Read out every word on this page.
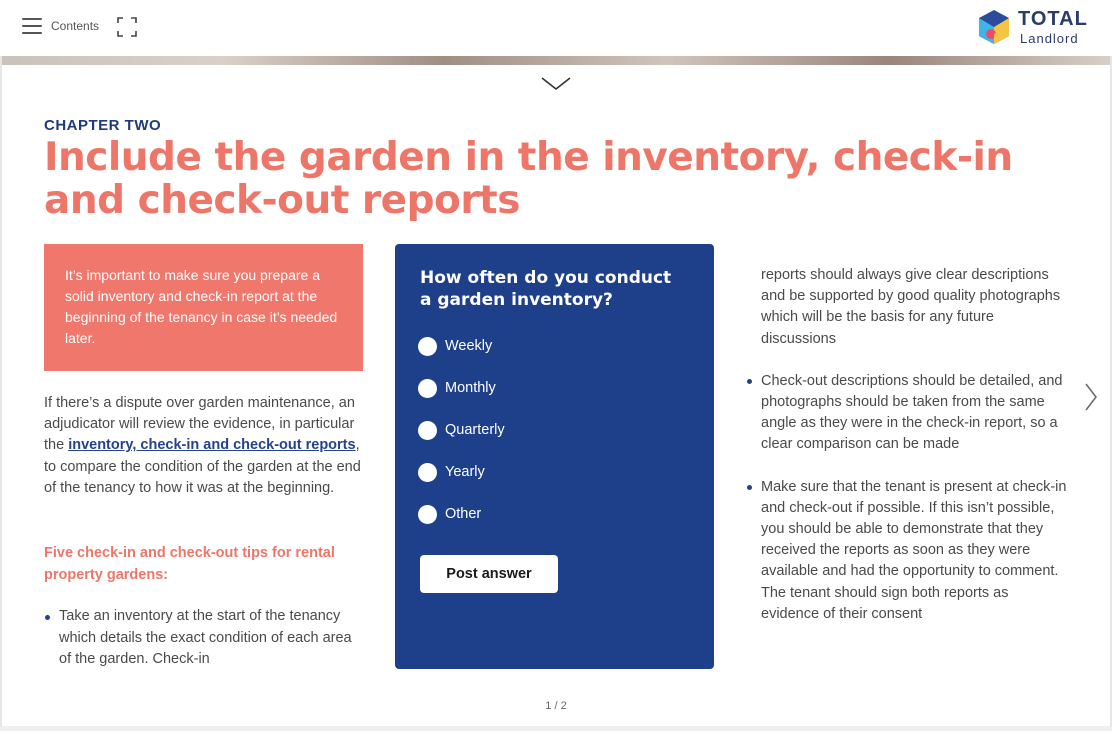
Contents	TOTAL
Landlord
CHAPTER TWO
Include the garden in the inventory, check-in and check-out reports

It’s important to make sure you prepare a solid inventory and check-in report at the beginning of the tenancy in case it’s needed later.

If there’s a dispute over garden maintenance, an adjudicator will review the evidence, in particular the inventory, check-in and check-out reports, to compare the condition of the garden at the end of the tenancy to how it was at the beginning.

Five check-in and check-out tips for rental property gardens:

Take an inventory at the start of the tenancy which details the exact condition of each area of the garden. Check-in
How often do you conduct a garden inventory?
Weekly
Monthly
Quarterly
Yearly
Other
Post answer

reports should always give clear descriptions and be supported by good quality photographs which will be the basis for any future discussions

Check-out descriptions should be detailed, and photographs should be taken from the same angle as they were in the check-in report, so a clear comparison can be made
Make sure that the tenant is present at check-in and check-out if possible. If this isn’t possible, you should be able to demonstrate that they received the reports as soon as they were available and had the opportunity to comment. The tenant should sign both reports as evidence of their consent
1 / 2
